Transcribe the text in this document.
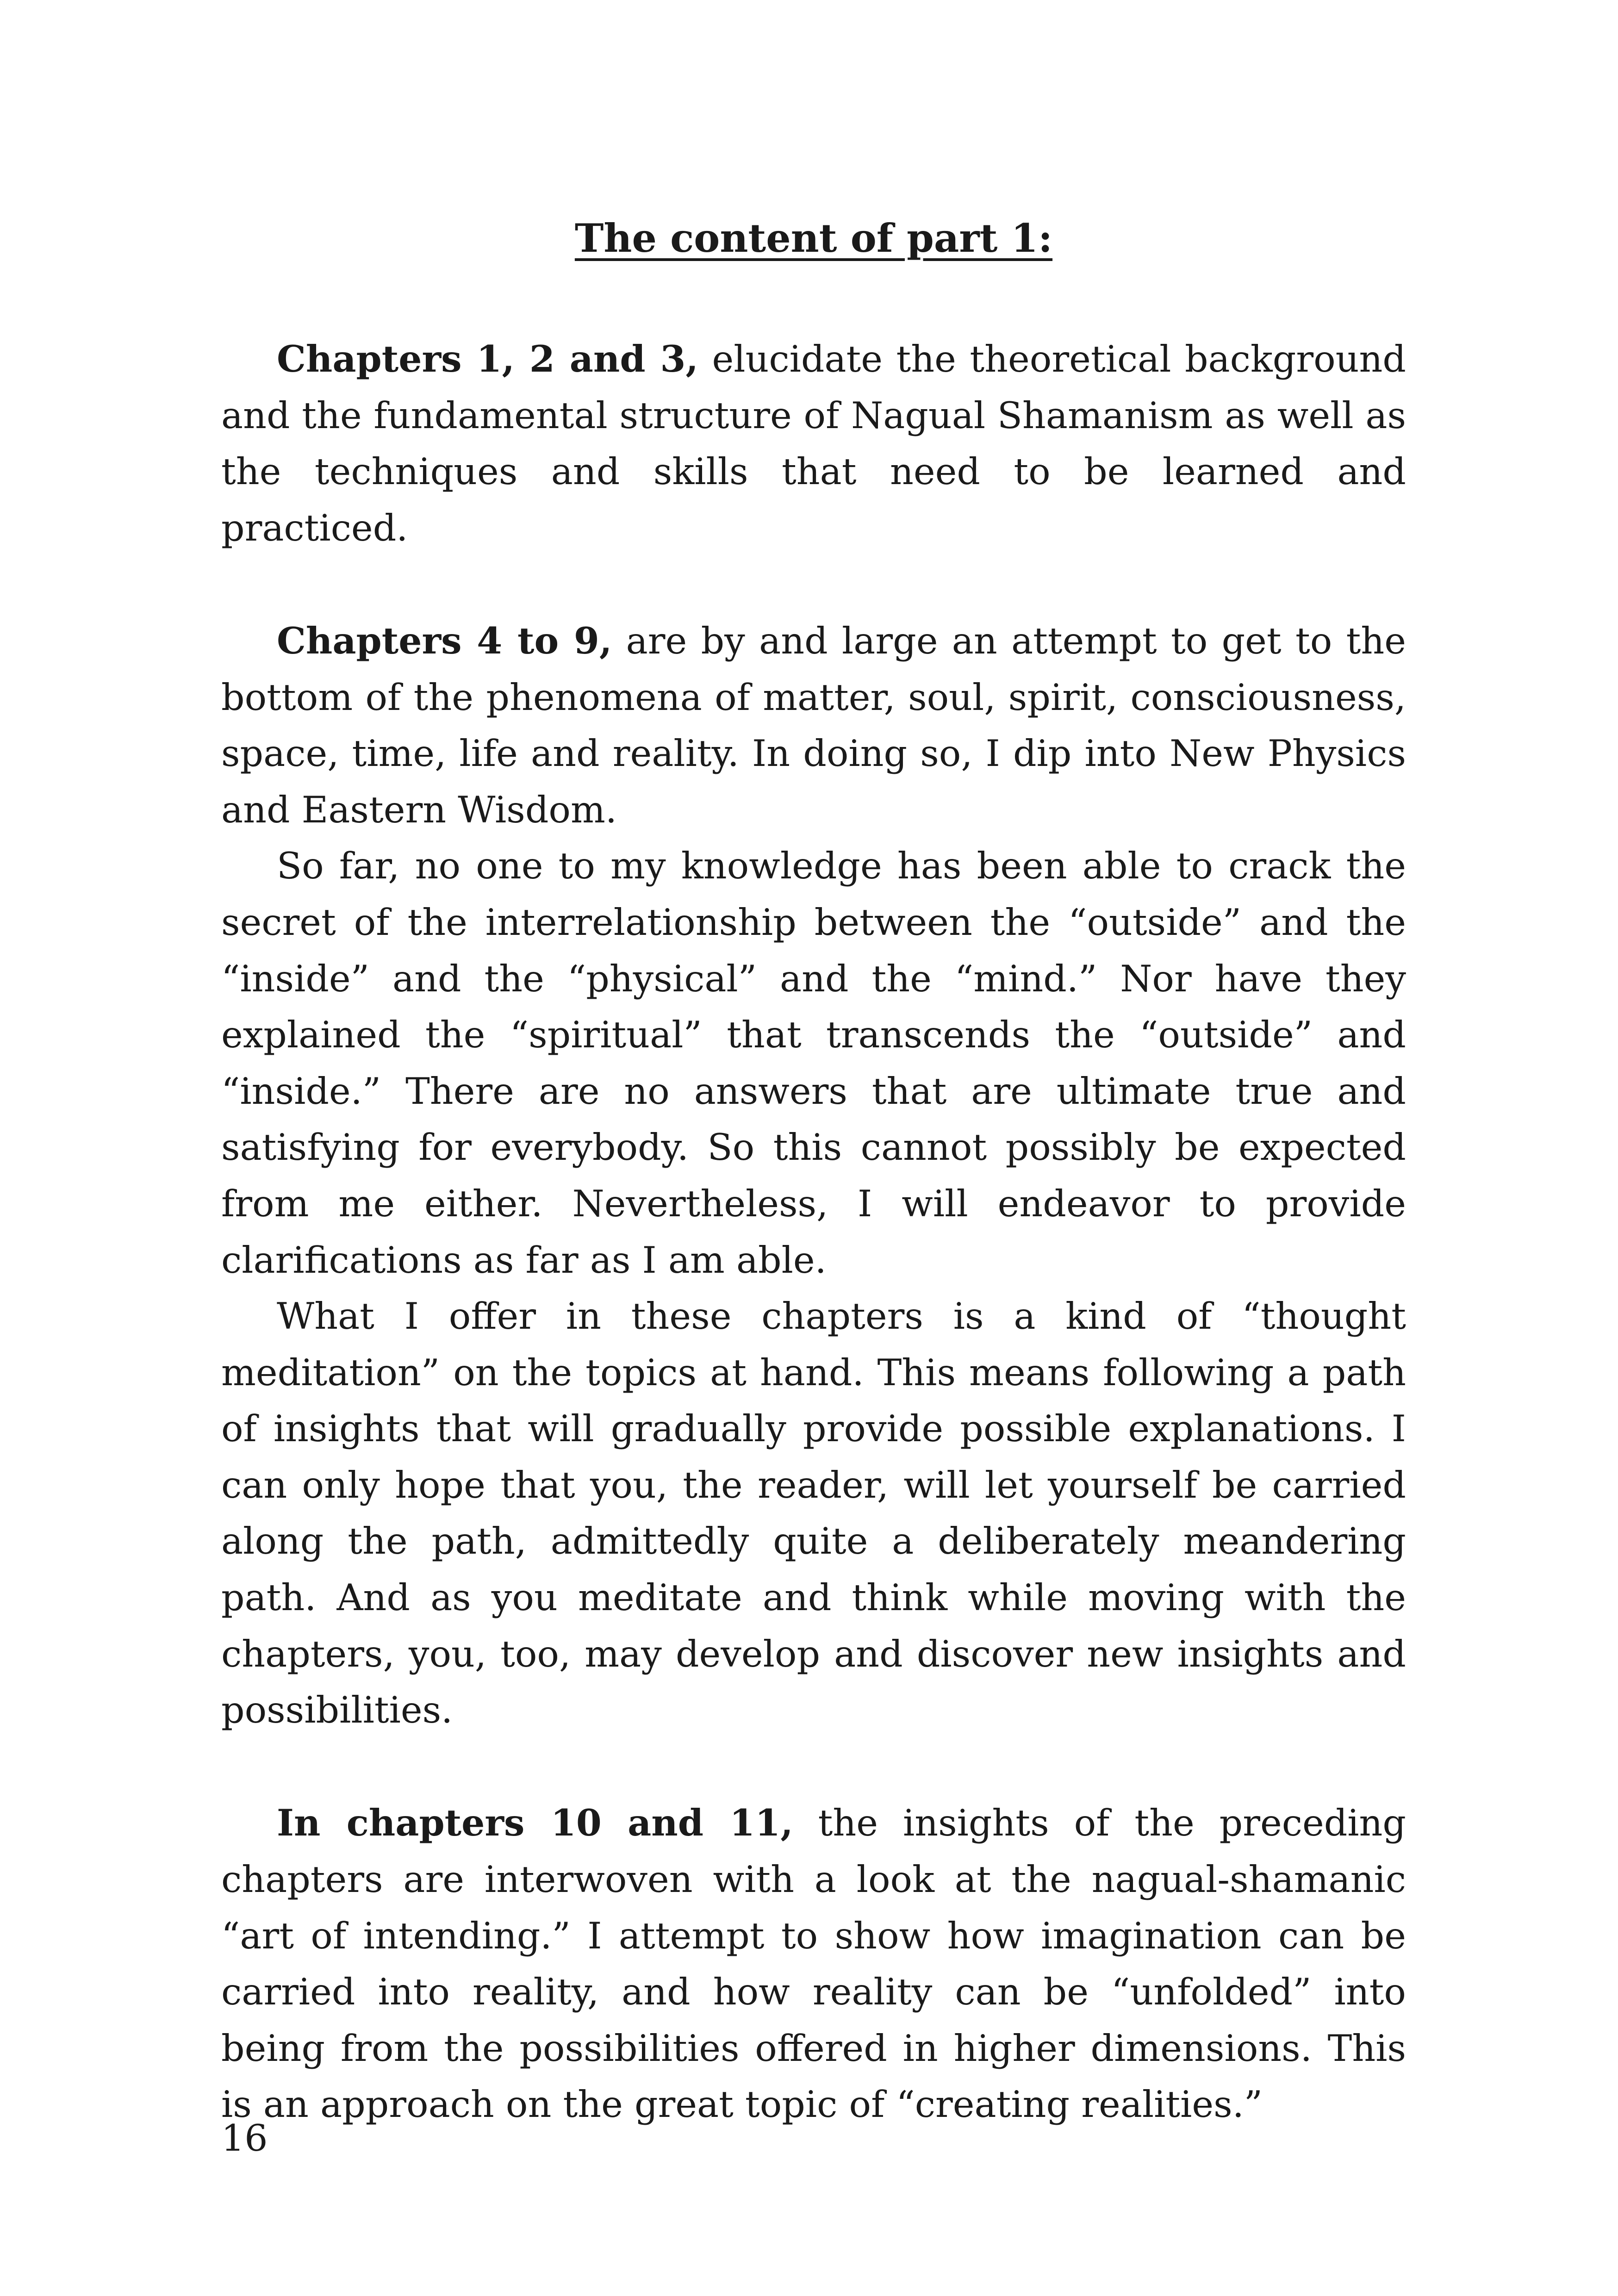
The content of part 1:

Chapters 1, 2 and 3, elucidate the theoretical background and the fundamental structure of Nagual Shamanism as well as the techniques and skills that need to be learned and practiced.

Chapters 4 to 9, are by and large an attempt to get to the bottom of the phenomena of matter, soul, spirit, consciousness, space, time, life and reality. In doing so, I dip into New Physics and Eastern Wisdom.

So far, no one to my knowledge has been able to crack the secret of the interrelationship between the “outside” and the “inside” and the “physical” and the “mind.” Nor have they explained the “spiritual” that transcends the “outside” and “inside.” There are no answers that are ultimate true and satisfying for everybody. So this cannot possibly be expected from me either. Nevertheless, I will endeavor to provide clarifications as far as I am able.

What I offer in these chapters is a kind of “thought meditation” on the topics at hand. This means following a path of insights that will gradually provide possible explanations. I can only hope that you, the reader, will let yourself be carried along the path, admittedly quite a deliberately meandering path. And as you meditate and think while moving with the chapters, you, too, may develop and discover new insights and possibilities.

In chapters 10 and 11, the insights of the preceding chapters are interwoven with a look at the nagual-shamanic “art of intending.” I attempt to show how imagination can be carried into reality, and how reality can be “unfolded” into being from the possibilities offered in higher dimensions. This is an approach on the great topic of “creating realities.”

16
